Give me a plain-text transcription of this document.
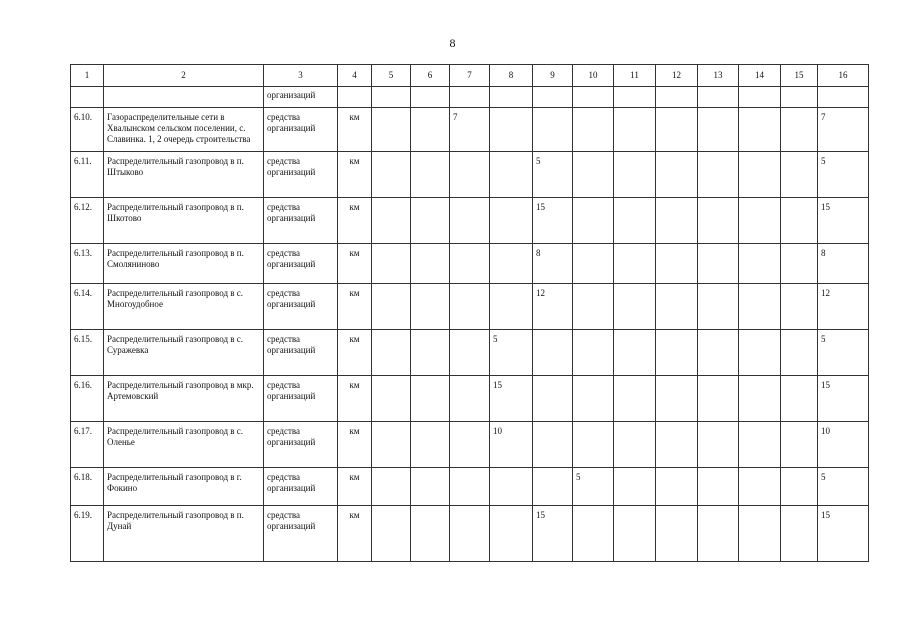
8
1	2	3	4	5	6	7	8	9	10	11	12	13	14	15	16
		организаций													
6.10.	Газораспределительные сети в Хвалынском сельском поселении, с. Славинка. 1, 2 очередь строительства	средства организаций	км			7									7
6.11.	Распределительный газопровод в п. Штыково	средства организаций	км					5							5
6.12.	Распределительный газопровод в п. Шкотово	средства организаций	км					15							15
6.13.	Распределительный газопровод в п. Смоляниново	средства организаций	км					8							8
6.14.	Распределительный газопровод в с. Многоудобное	средства организаций	км					12							12
6.15.	Распределительный газопровод в с. Суражевка	средства организаций	км				5								5
6.16.	Распределительный газопровод в мкр. Артемовский	средства организаций	км				15								15
6.17.	Распределительный газопровод в с. Оленье	средства организаций	км				10								10
6.18.	Распределительный газопровод в г. Фокино	средства организаций	км						5						5
6.19.	Распределительный газопровод в п. Дунай	средства организаций	км					15							15
